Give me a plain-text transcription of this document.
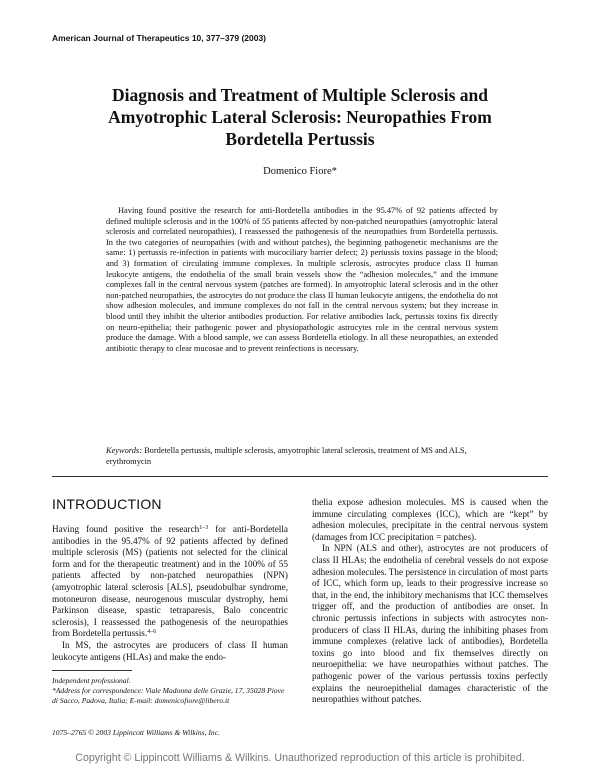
American Journal of Therapeutics 10, 377–379 (2003)
Diagnosis and Treatment of Multiple Sclerosis and
Amyotrophic Lateral Sclerosis: Neuropathies From
Bordetella Pertussis
Domenico Fiore*
Having found positive the research for anti-Bordetella antibodies in the 95.47% of 92 patients affected by defined multiple sclerosis and in the 100% of 55 patients affected by non-patched neuropathies (amyotrophic lateral sclerosis and correlated neuropathies), I reassessed the pathogenesis of the neuropathies from Bordetella pertussis. In the two categories of neuropathies (with and without patches), the beginning pathogenetic mechanisms are the same: 1) pertussis re-infection in patients with mucociliary barrier defect; 2) pertussis toxins passage in the blood; and 3) formation of circulating immune complexes. In multiple sclerosis, astrocytes produce class II human leukocyte antigens, the endothelia of the small brain vessels show the “adhesion molecules,” and the immune complexes fall in the central nervous system (patches are formed). In amyotrophic lateral sclerosis and in the other non-patched neuropathies, the astrocytes do not produce the class II human leukocyte antigens, the endothelia do not show adhesion molecules, and immune complexes do not fall in the central nervous system; but they increase in blood until they inhibit the ulterior antibodies production. For relative antibodies lack, pertussis toxins fix directly on neuro-epithelia; their pathogenic power and physiopathologic astrocytes role in the central nervous system produce the damage. With a blood sample, we can assess Bordetella etiology. In all these neuropathies, an extended antibiotic therapy to clear mucosae and to prevent reinfections is necessary.
Keywords: Bordetella pertussis, multiple sclerosis, amyotrophic lateral sclerosis, treatment of MS and ALS, erythromycin
INTRODUCTION

Having found positive the research$^{1-3}$ for anti-Bordetella antibodies in the 95.47% of 92 patients affected by defined multiple sclerosis (MS) (patients not selected for the clinical form and for the therapeutic treatment) and in the 100% of 55 patients affected by non-patched neuropathies (NPN) (amyotrophic lateral sclerosis [ALS], pseudobulbar syndrome, motoneuron disease, neurogenous muscular dystrophy, hemi Parkinson disease, spastic tetraparesis, Balo concentric sclerosis), I reassessed the pathogenesis of the neuropathies from Bordetella pertussis.$^{4-6}$

In MS, the astrocytes are producers of class II human leukocyte antigens (HLAs) and make the endo-

thelia expose adhesion molecules. MS is caused when the immune circulating complexes (ICC), which are “kept” by adhesion molecules, precipitate in the central nervous system (damages from ICC precipitation = patches).

In NPN (ALS and other), astrocytes are not producers of class II HLAs; the endothelia of cerebral vessels do not expose adhesion molecules. The persistence in circulation of most parts of ICC, which form up, leads to their progressive increase so that, in the end, the inhibitory mechanisms that ICC themselves trigger off, and the production of antibodies are onset. In chronic pertussis infections in subjects with astrocytes non-producers of class II HLAs, during the inhibiting phases from immune complexes (relative lack of antibodies), Bordetella toxins go into blood and fix themselves directly on neuroepithelia: we have neuropathies without patches. The pathogenic power of the various pertussis toxins perfectly explains the neuroepithelial damages characteristic of the neuropathies without patches.

Independent professional.

*Address for correspondence: Viale Madonna delle Grazie, 17, 35028 Piove di Sacco, Padova, Italia; E-mail: domenicofiore@libero.it

1075–2765 © 2003 Lippincott Williams & Wilkins, Inc.
Copyright © Lippincott Williams & Wilkins. Unauthorized reproduction of this article is prohibited.
